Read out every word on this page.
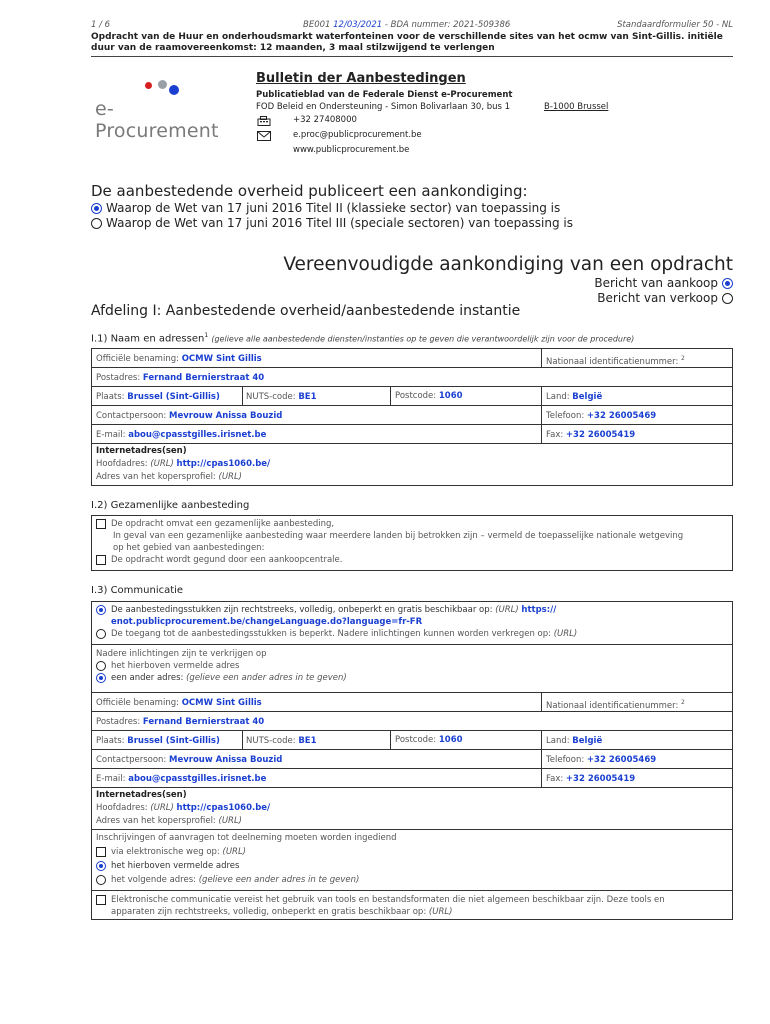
1 / 6	BE001 12/03/2021 - BDA nummer: 2021-509386	Standaardformulier 50 - NL
Opdracht van de Huur en onderhoudsmarkt waterfonteinen voor de verschillende sites van het ocmw van Sint-Gillis. initiële
duur van de raamovereenkomst: 12 maanden, 3 maal stilzwijgend te verlengen
e-Procurement
Bulletin der Aanbestedingen
Publicatieblad van de Federale Dienst e-Procurement
FOD Beleid en Ondersteuning - Simon Bolivarlaan 30, bus 1	B-1000 Brussel
+32 27408000
e.proc@publicprocurement.be
www.publicprocurement.be
De aanbestedende overheid publiceert een aankondiging:
Waarop de Wet van 17 juni 2016 Titel II (klassieke sector) van toepassing is
Waarop de Wet van 17 juni 2016 Titel III (speciale sectoren) van toepassing is
Vereenvoudigde aankondiging van een opdracht
Bericht van aankoop
Bericht van verkoop
Afdeling I: Aanbestedende overheid/aanbestedende instantie
I.1) Naam en adressen$^1$ (gelieve alle aanbestedende diensten/instanties op te geven die verantwoordelijk zijn voor de procedure)
Officiële benaming: OCMW Sint Gillis	Nationaal identificatienummer: $^2$
Postadres: Fernand Bernierstraat 40
Plaats: Brussel (Sint-Gillis)	NUTS-code: BE1	Postcode: 1060	Land: België
Contactpersoon: Mevrouw Anissa Bouzid	Telefoon: +32 26005469
E-mail: abou@cpasstgilles.irisnet.be	Fax: +32 26005419
Internetadres(sen)
Hoofdadres: (URL) http://cpas1060.be/
Adres van het kopersprofiel: (URL)
I.2) Gezamenlijke aanbesteding
De opdracht omvat een gezamenlijke aanbesteding,
In geval van een gezamenlijke aanbesteding waar meerdere landen bij betrokken zijn – vermeld de toepasselijke nationale wetgeving
op het gebied van aanbestedingen:
De opdracht wordt gegund door een aankoopcentrale.
I.3) Communicatie
De aanbestedingsstukken zijn rechtstreeks, volledig, onbeperkt en gratis beschikbaar op: (URL) https://
enot.publicprocurement.be/changeLanguage.do?language=fr-FR
De toegang tot de aanbestedingsstukken is beperkt. Nadere inlichtingen kunnen worden verkregen op: (URL)
Nadere inlichtingen zijn te verkrijgen op
het hierboven vermelde adres
een ander adres: (gelieve een ander adres in te geven)
Officiële benaming: OCMW Sint Gillis	Nationaal identificatienummer: $^2$
Postadres: Fernand Bernierstraat 40
Plaats: Brussel (Sint-Gillis)	NUTS-code: BE1	Postcode: 1060	Land: België
Contactpersoon: Mevrouw Anissa Bouzid	Telefoon: +32 26005469
E-mail: abou@cpasstgilles.irisnet.be	Fax: +32 26005419
Internetadres(sen)
Hoofdadres: (URL) http://cpas1060.be/
Adres van het kopersprofiel: (URL)
Inschrijvingen of aanvragen tot deelneming moeten worden ingediend
via elektronische weg op: (URL)
het hierboven vermelde adres
het volgende adres: (gelieve een ander adres in te geven)
Elektronische communicatie vereist het gebruik van tools en bestandsformaten die niet algemeen beschikbaar zijn. Deze tools en
apparaten zijn rechtstreeks, volledig, onbeperkt en gratis beschikbaar op: (URL)
